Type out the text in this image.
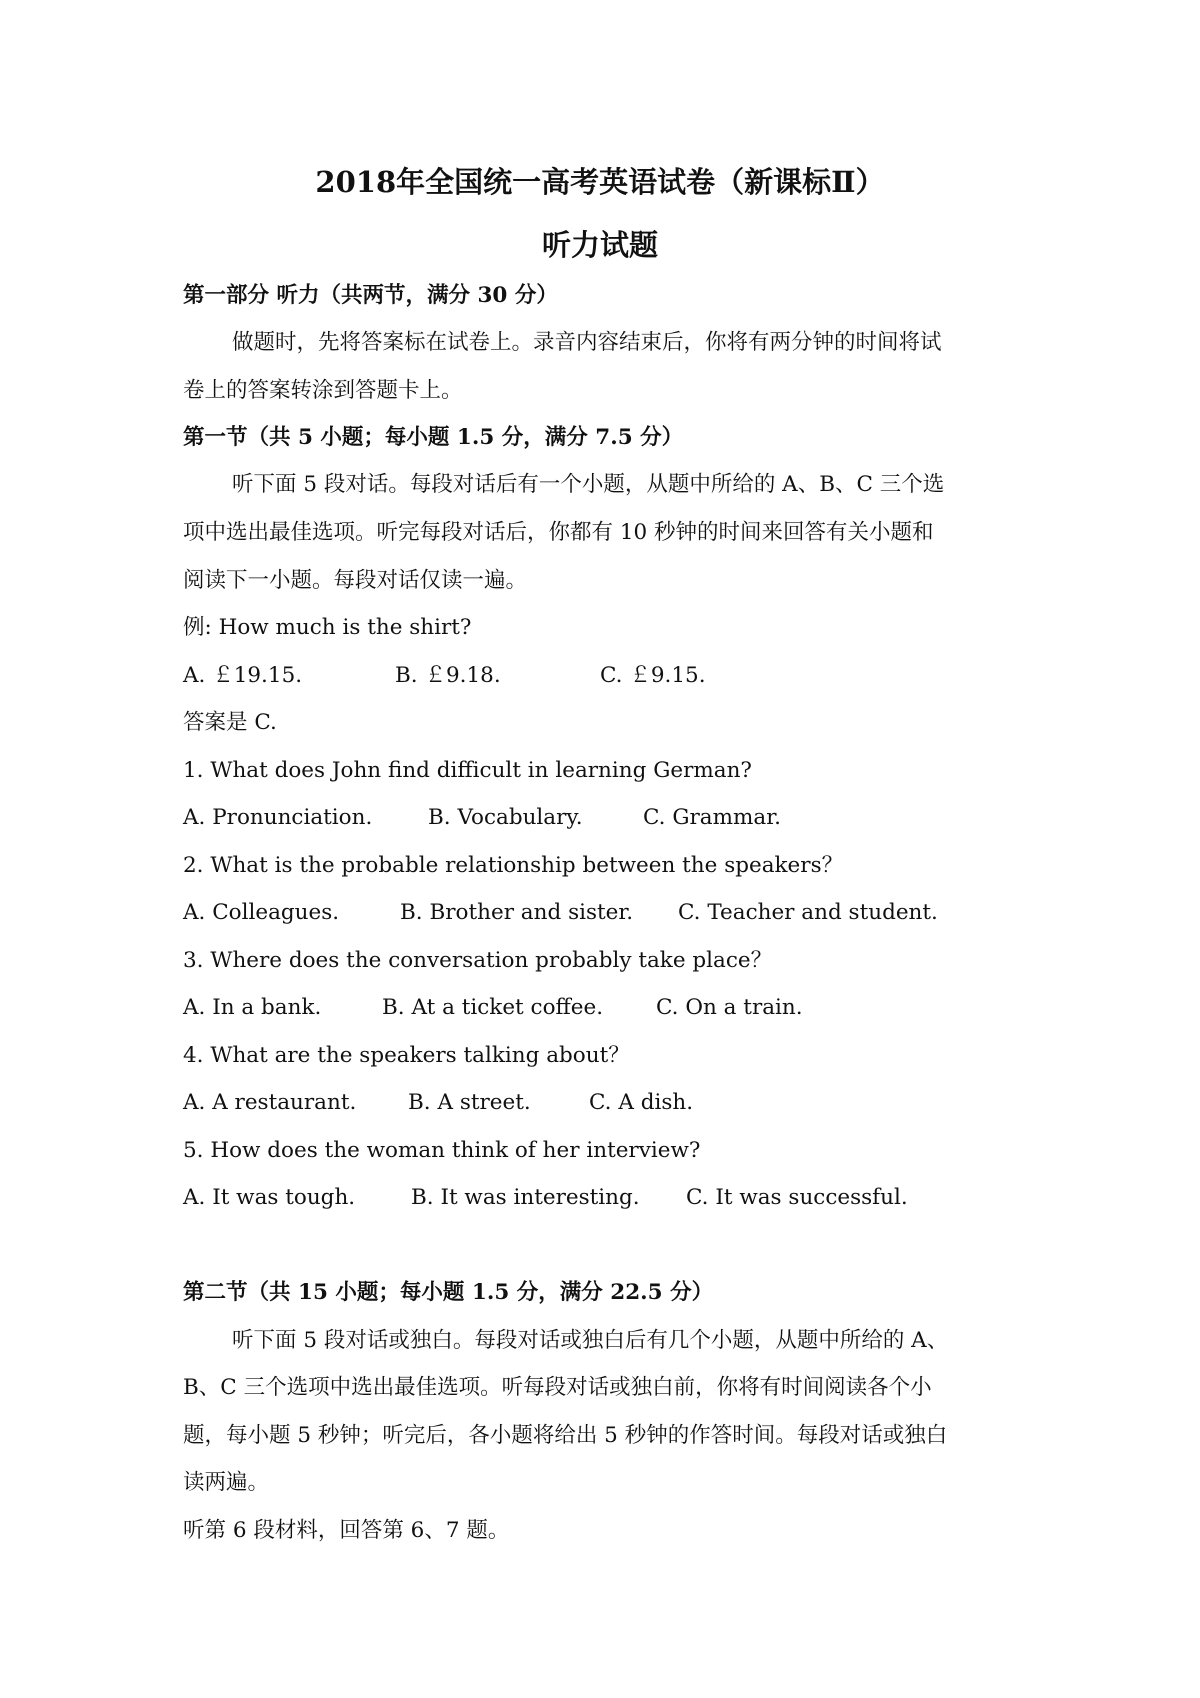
2018年全国统一高考英语试卷（新课标Ⅱ）
听力试题
第一部分 听力（共两节，满分 30 分）
做题时，先将答案标在试卷上。录音内容结束后，你将有两分钟的时间将试
卷上的答案转涂到答题卡上。
第一节（共 5 小题；每小题 1.5 分，满分 7.5 分）
听下面 5 段对话。每段对话后有一个小题，从题中所给的 A、B、C 三个选
项中选出最佳选项。听完每段对话后，你都有 10 秒钟的时间来回答有关小题和
阅读下一小题。每段对话仅读一遍。
例: How much is the shirt?
A. ￡19.15.	B. ￡9.18.	C. ￡9.15.
答案是 C.
1. What does John find difficult in learning German?
A. Pronunciation.	B. Vocabulary.	C. Grammar.
2. What is the probable relationship between the speakers？
A. Colleagues.	B. Brother and sister. C. Teacher and student.
3. Where does the conversation probably take place？
A. In a bank.	B. At a ticket coffee. C. On a train.
4. What are the speakers talking about？
A. A restaurant. B. A street.	C. A dish.
5. How does the woman think of her interview?
A. It was tough.	B. It was interesting. C. It was successful.
第二节（共 15 小题；每小题 1.5 分，满分 22.5 分）
听下面 5 段对话或独白。每段对话或独白后有几个小题，从题中所给的 A、
B、C 三个选项中选出最佳选项。听每段对话或独白前，你将有时间阅读各个小
题，每小题 5 秒钟；听完后，各小题将给出 5 秒钟的作答时间。每段对话或独白
读两遍。
听第 6 段材料，回答第 6、7 题。
